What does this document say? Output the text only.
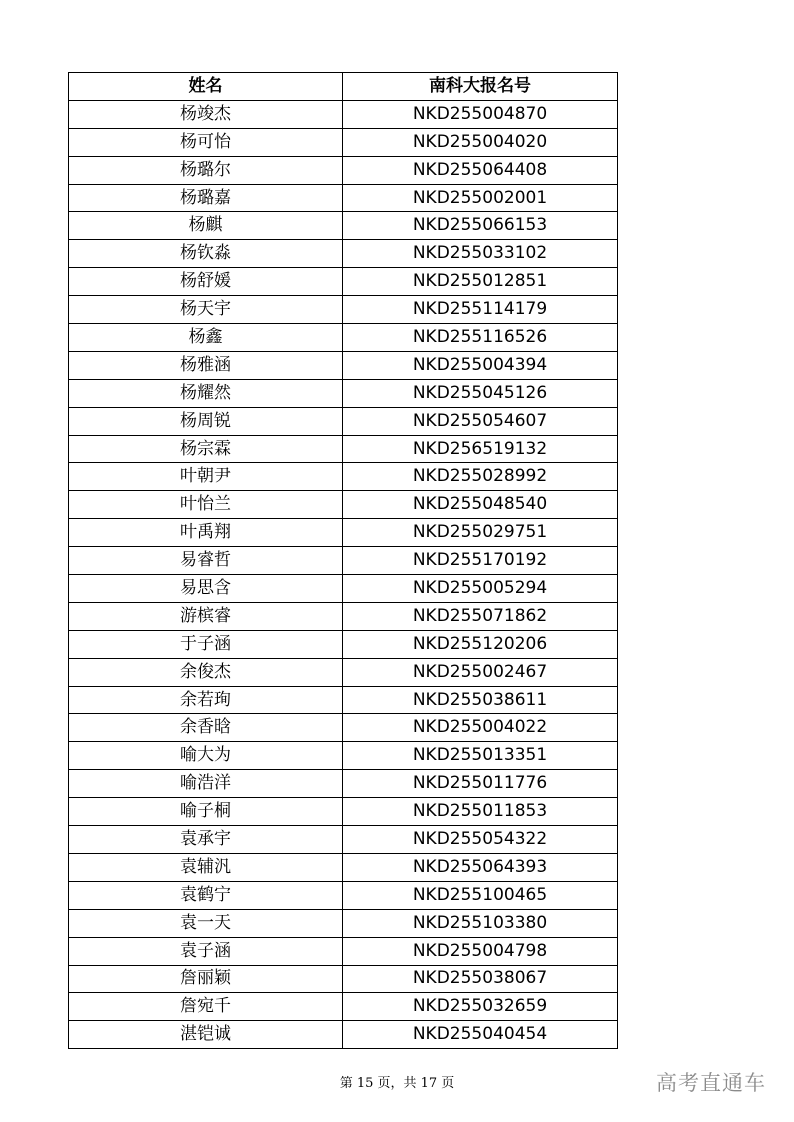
姓名	南科大报名号
杨竣杰	NKD255004870
杨可怡	NKD255004020
杨璐尔	NKD255064408
杨璐嘉	NKD255002001
杨麒	NKD255066153
杨钦淼	NKD255033102
杨舒媛	NKD255012851
杨天宇	NKD255114179
杨鑫	NKD255116526
杨雅涵	NKD255004394
杨耀然	NKD255045126
杨周锐	NKD255054607
杨宗霖	NKD256519132
叶朝尹	NKD255028992
叶怡兰	NKD255048540
叶禹翔	NKD255029751
易睿哲	NKD255170192
易思含	NKD255005294
游槟睿	NKD255071862
于子涵	NKD255120206
余俊杰	NKD255002467
余若珣	NKD255038611
余香晗	NKD255004022
喻大为	NKD255013351
喻浩洋	NKD255011776
喻子桐	NKD255011853
袁承宇	NKD255054322
袁辅汎	NKD255064393
袁鹤宁	NKD255100465
袁一天	NKD255103380
袁子涵	NKD255004798
詹丽颖	NKD255038067
詹宛千	NKD255032659
湛铠诚	NKD255040454
第 15 页，共 17 页	高考直通车
